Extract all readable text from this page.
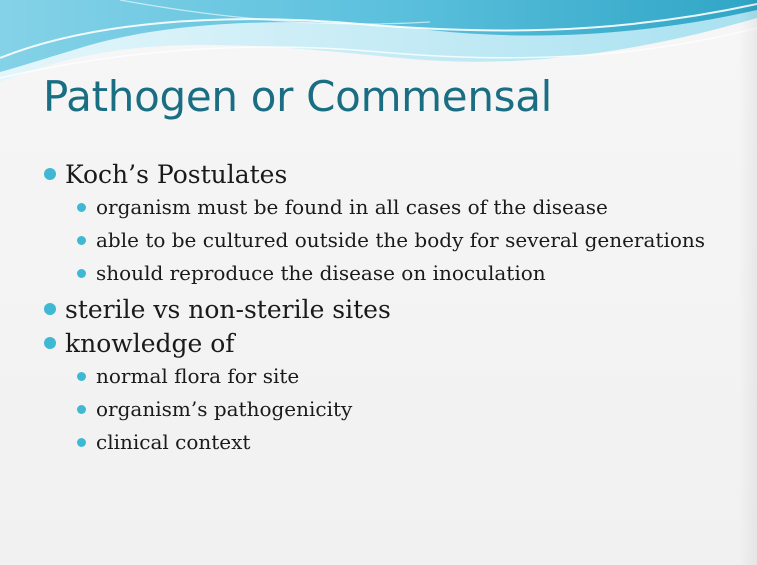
Pathogen or Commensal
Koch’s Postulates
organism must be found in all cases of the disease
able to be cultured outside the body for several generations
should reproduce the disease on inoculation
sterile vs non-sterile sites
knowledge of
normal flora for site
organism’s pathogenicity
clinical context
